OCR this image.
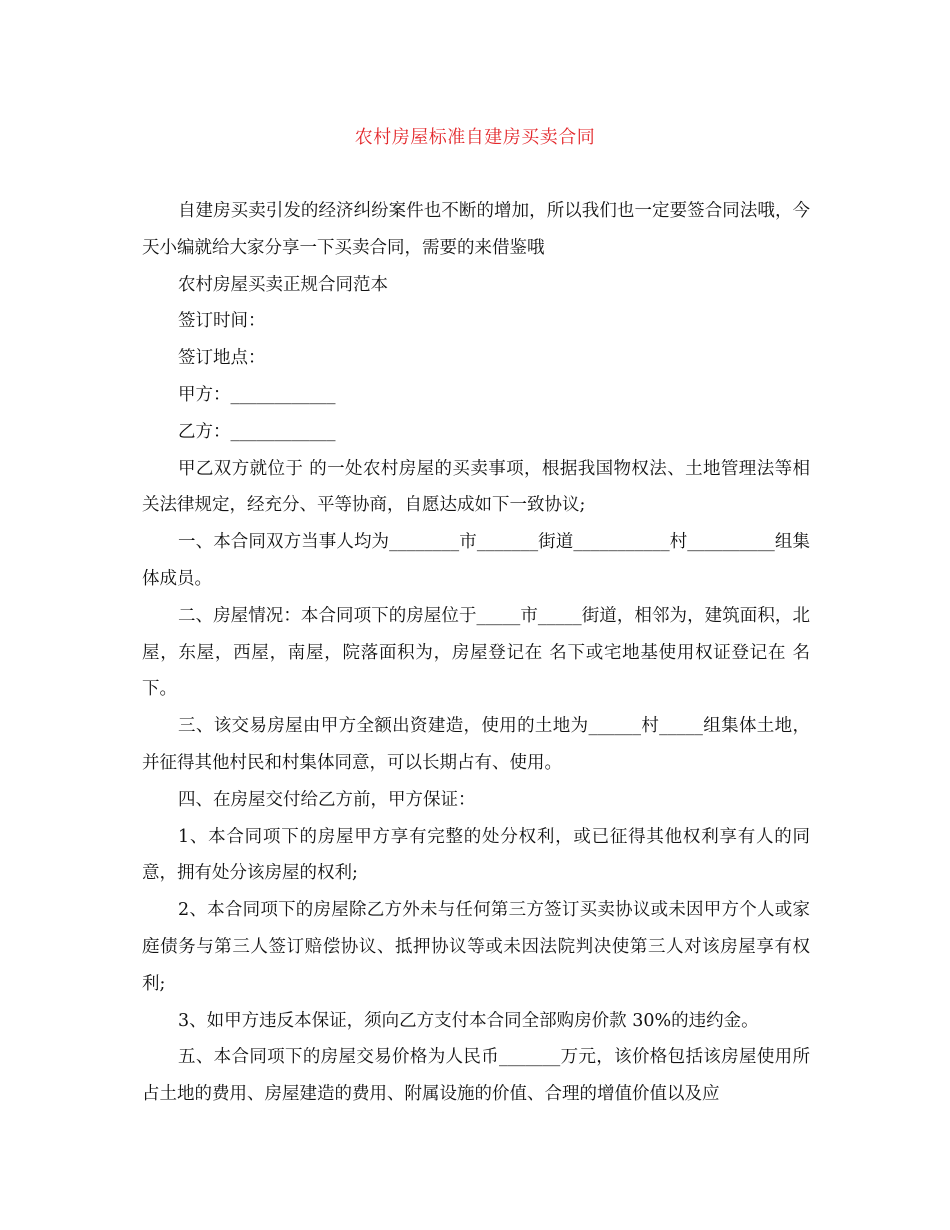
农村房屋标准自建房买卖合同

自建房买卖引发的经济纠纷案件也不断的增加，所以我们也一定要签合同法哦，今天小编就给大家分享一下买卖合同，需要的来借鉴哦

农村房屋买卖正规合同范本

签订时间：

签订地点：

甲方：____________

乙方：____________

甲乙双方就位于 的一处农村房屋的买卖事项，根据我国物权法、土地管理法等相关法律规定，经充分、平等协商，自愿达成如下一致协议;

一、本合同双方当事人均为________市_______街道___________村__________组集体成员。

二、房屋情况：本合同项下的房屋位于_____市_____街道，相邻为，建筑面积，北屋，东屋，西屋，南屋，院落面积为，房屋登记在 名下或宅地基使用权证登记在 名下。

三、该交易房屋由甲方全额出资建造，使用的土地为______村_____组集体土地，并征得其他村民和村集体同意，可以长期占有、使用。

四、在房屋交付给乙方前，甲方保证：

1、本合同项下的房屋甲方享有完整的处分权利，或已征得其他权利享有人的同意，拥有处分该房屋的权利;

2、本合同项下的房屋除乙方外未与任何第三方签订买卖协议或未因甲方个人或家庭债务与第三人签订赔偿协议、抵押协议等或未因法院判决使第三人对该房屋享有权利;

3、如甲方违反本保证，须向乙方支付本合同全部购房价款 30%的违约金。

五、本合同项下的房屋交易价格为人民币_______万元，该价格包括该房屋使用所占土地的费用、房屋建造的费用、附属设施的价值、合理的增值价值以及应
